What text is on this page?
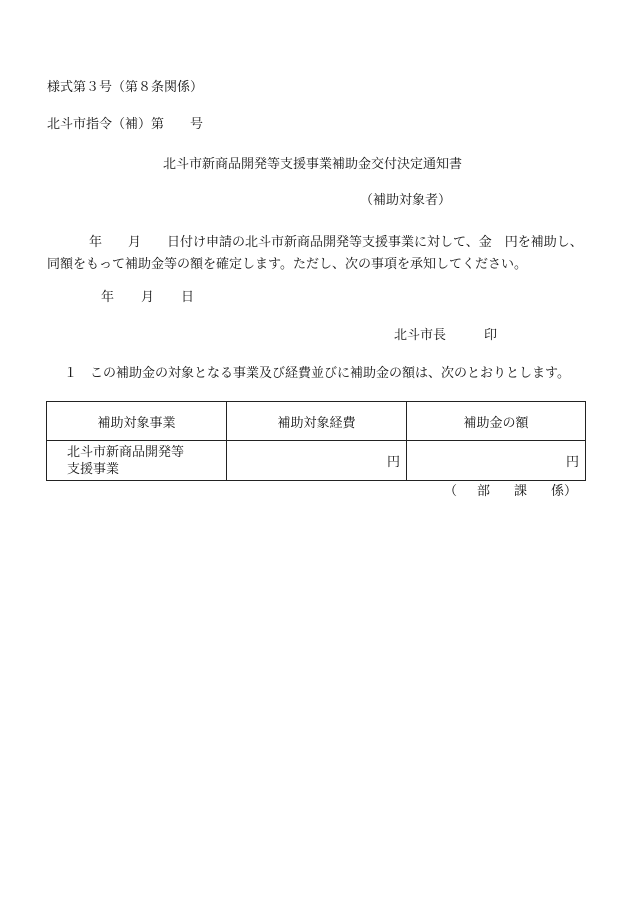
様式第３号（第８条関係）
北斗市指令（補）第　　号
北斗市新商品開発等支援事業補助金交付決定通知書
（補助対象者）
年 月 日付け申請の北斗市新商品開発等支援事業に対して、金　円を補助し、
同額をもって補助金等の額を確定します。ただし、次の事項を承知してください。
年 月 日
北斗市長	印
１　この補助金の対象となる事業及び経費並びに補助金の額は、次のとおりとします。
補助対象事業	補助対象経費	補助金の額

北斗市新商品開発等
支援事業	円	円
（ 部 課 係）
